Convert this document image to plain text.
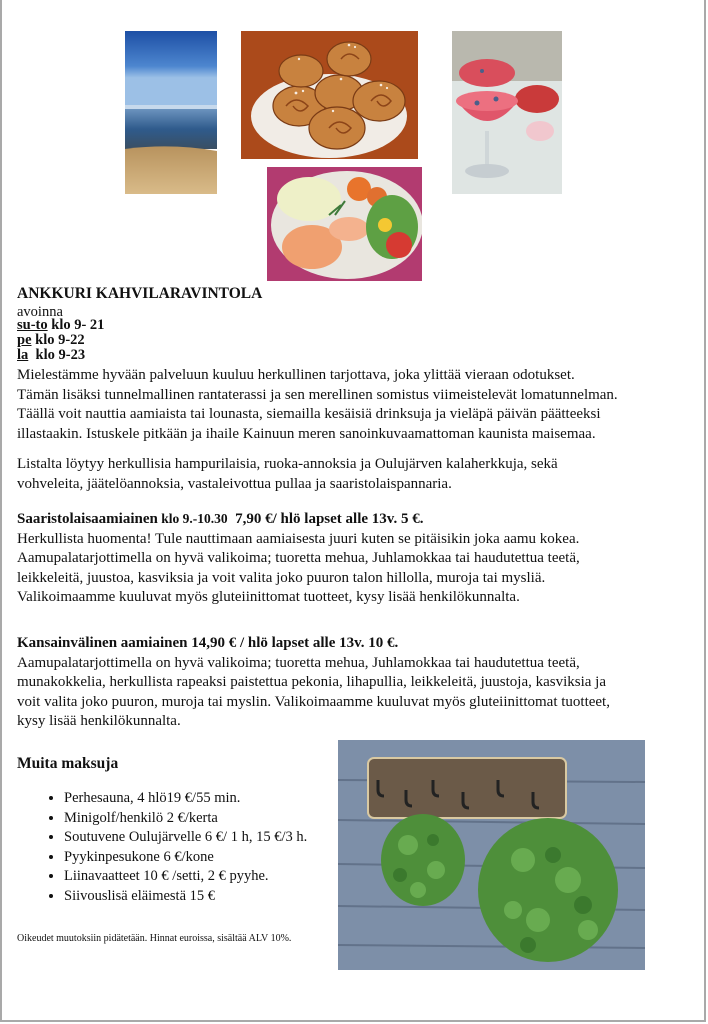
ANKKURI KAHVILARAVINTOLA
avoinna
su-to klo 9- 21
pe klo 9-22
la  klo 9-23

Mielestämme hyvään palveluun kuuluu herkullinen tarjottava, joka ylittää vieraan odotukset.

Tämän lisäksi tunnelmallinen rantaterassi ja sen merellinen somistus viimeistelevät lomatunnelman.

Täällä voit nauttia aamiaista tai lounasta, siemailla kesäisiä drinksuja ja vieläpä päivän päätteeksi

illastaakin. Istuskele pitkään ja ihaile Kainuun meren sanoinkuvaamattoman kaunista maisemaa.

Listalta löytyy herkullisia hampurilaisia, ruoka-annoksia ja Oulujärven kalaherkkuja, sekä

vohveleita, jäätelöannoksia, vastaleivottua pullaa ja saaristolaispannaria.

Saaristolaisaamiainen klo 9.-10.30  7,90 €/ hlö lapset alle 13v. 5 €.

Herkullista huomenta! Tule nauttimaan aamiaisesta juuri kuten se pitäisikin joka aamu kokea.

Aamupalatarjottimella on hyvä valikoima; tuoretta mehua, Juhlamokkaa tai haudutettua teetä,

leikkeleitä, juustoa, kasviksia ja voit valita joko puuron talon hillolla, muroja tai mysliä.

Valikoimaamme kuuluvat myös gluteiinittomat tuotteet, kysy lisää henkilökunnalta.

Kansainvälinen aamiainen 14,90 € / hlö lapset alle 13v. 10 €.

Aamupalatarjottimella on hyvä valikoima; tuoretta mehua, Juhlamokkaa tai haudutettua teetä,

munakokkelia, herkullista rapeaksi paistettua pekonia, lihapullia, leikkeleitä, juustoja, kasviksia ja

voit valita joko puuron, muroja tai myslin. Valikoimaamme kuuluvat myös gluteiinittomat tuotteet,

kysy lisää henkilökunnalta.

Muita maksuja
• Perhesauna, 4 hlö19 €/55 min.
• Minigolf/henkilö 2 €/kerta
• Soutuvene Oulujärvelle 6 €/ 1 h, 15 €/3 h.
• Pyykinpesukone 6 €/kone
• Liinavaatteet 10 € /setti, 2 € pyyhe.
• Siivouslisä eläimestä 15 €
Oikeudet muutoksiin pidätetään. Hinnat euroissa, sisältää ALV 10%.
